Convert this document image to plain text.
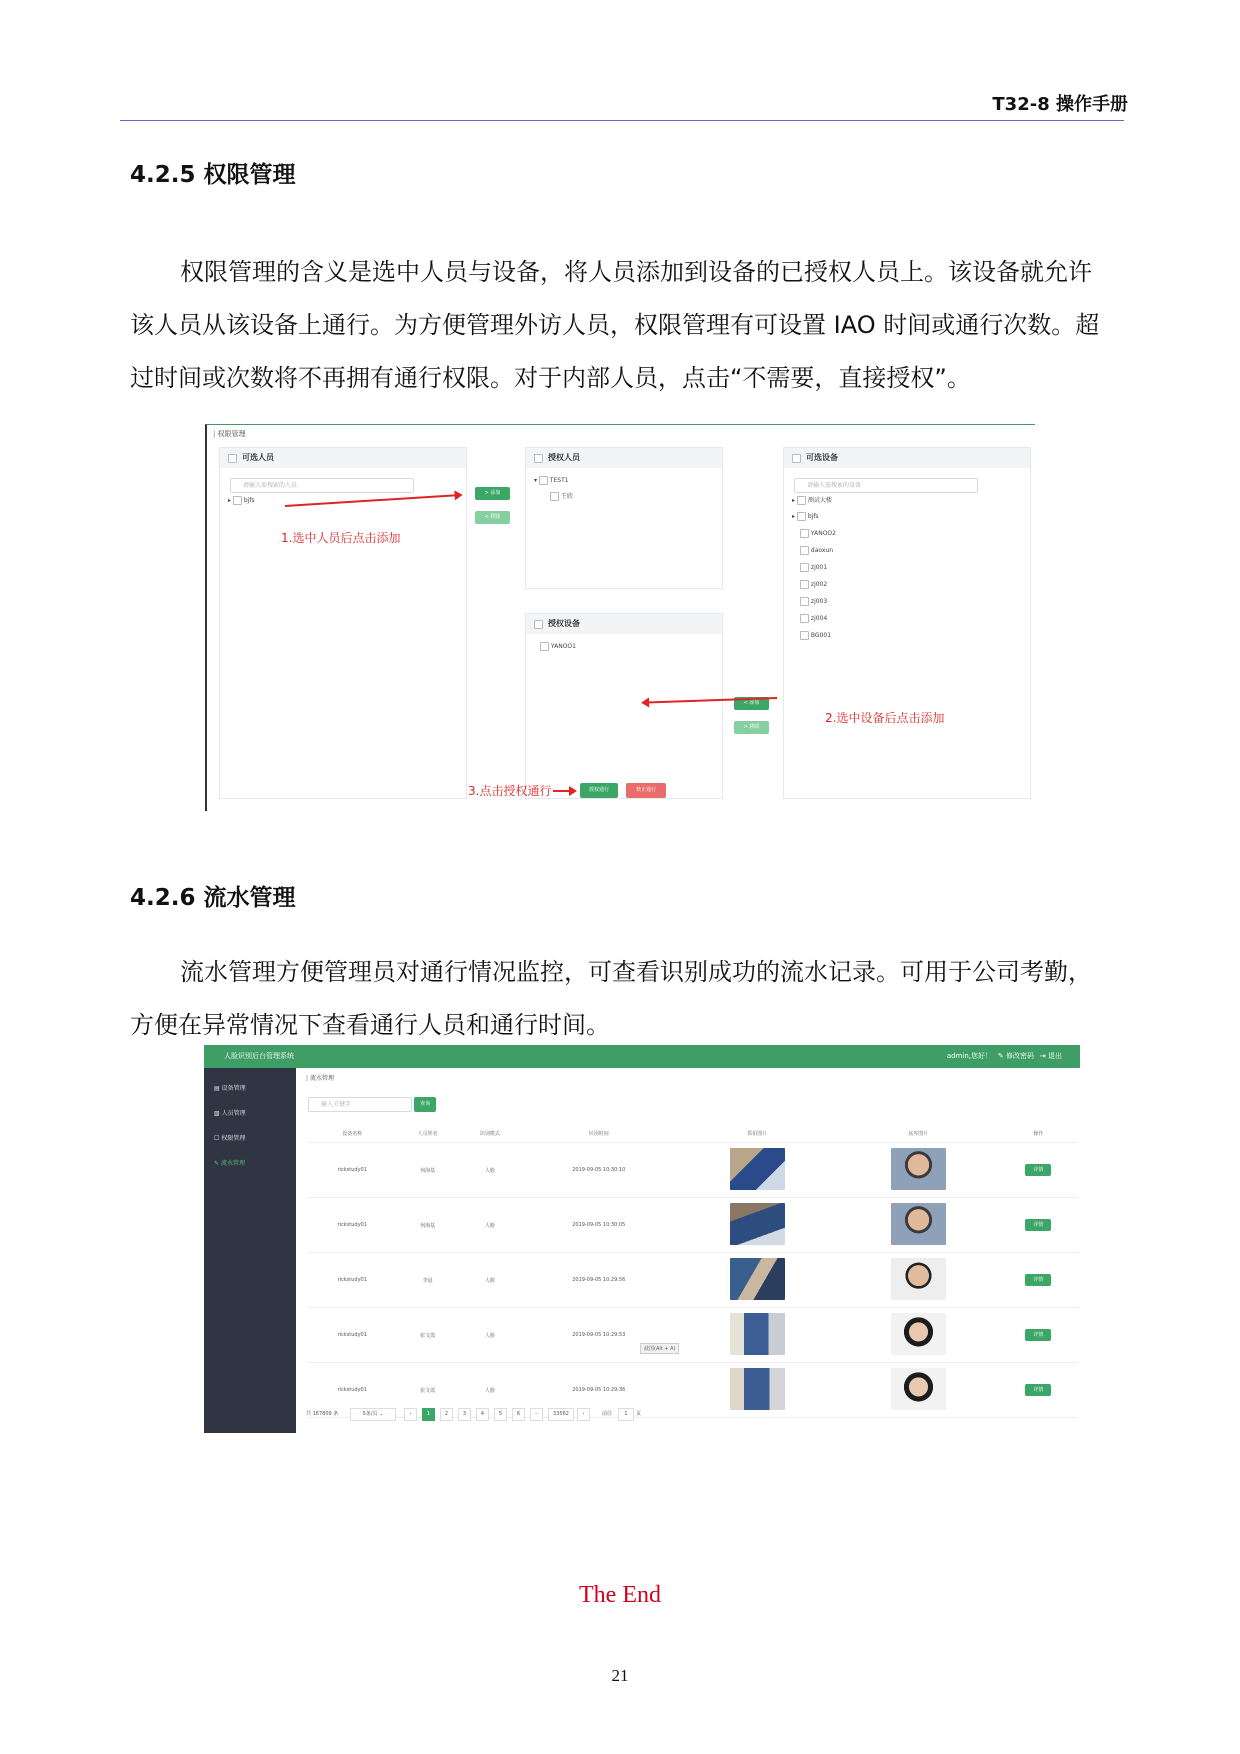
T32-8 操作手册
4.2.5 权限管理

权限管理的含义是选中人员与设备，将人员添加到设备的已授权人员上。该设备就允许该人员从该设备上通行。为方便管理外访人员，权限管理有可设置 IAO 时间或通行次数。超过时间或次数将不再拥有通行权限。对于内部人员，点击“不需要，直接授权”。

| 权限管理
可选人员
请输入需搜索的人员
▸  bjfs
> 添加
< 移除
授权人员
▾  TEST1
王欣
授权设备
YANOO1
可选设备
请输入需搜索的设备
▸  测试大楼
▸  bjfs
YANOO2
daoxun
zj001
zj002
zj003
zj004
BG001
< 添加
> 移除
授权通行	禁止通行
1.选中人员后点击添加
2.选中设备后点击添加
3.点击授权通行
4.2.6 流水管理

流水管理方便管理员对通行情况监控，可查看识别成功的流水记录。可用于公司考勤，方便在异常情况下查看通行人员和通行时间。

人脸识别后台管理系统	admin,您好！ ✎ 修改密码 ⇥ 退出
▤ 设备管理
▧ 人员管理
☐ 权限管理
✎ 流水管理
| 流水管理
输入关键字	查询
设备名称	人员姓名	识别模式	识别时间	抓拍图片	底库图片	操作
rickstudy01	何海基	人脸	2019-09-05 10:30:10			详情
rickstudy01	何海基	人脸	2019-09-05 10:30:05			详情
rickstudy01	李晨	人脸	2019-09-05 10:29:56			详情
rickstudy01	张文霞	人脸	2019-09-05 10:29:53			详情
rickstudy01	张文霞	人脸	2019-09-05 10:29:36			详情
截图(Alt + A)
共 167809 条	5条/页 ⌄	‹	1	2	3	4	5	6	···	33562	›	前往	1	页
The End
21
